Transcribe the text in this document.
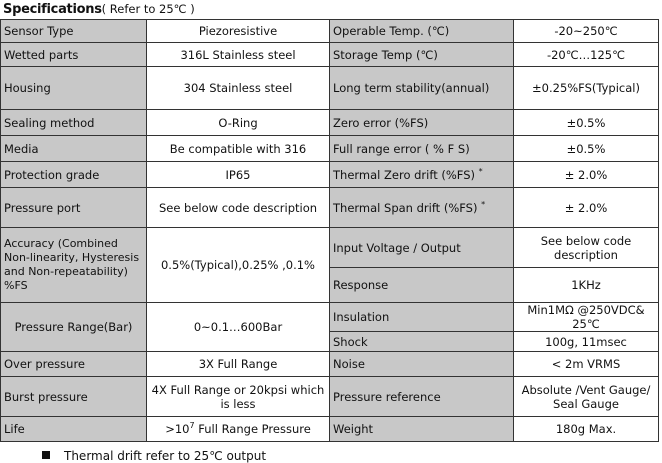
Specifications( Refer to 25℃ )
Sensor Type	Piezoresistive	Operable Temp. (℃)	-20~250℃
Wetted parts	316L Stainless steel	Storage Temp (℃)	-20℃…125℃
Housing	304 Stainless steel	Long term stability(annual)	±0.25%FS(Typical)
Sealing method	O-Ring	Zero error (%FS)	±0.5%
Media	Be compatible with 316	Full range error ( % F S)	±0.5%
Protection grade	IP65	Thermal Zero drift (%FS) *	± 2.0%
Pressure port	See below code description	Thermal Span drift (%FS) *	± 2.0%
Accuracy (Combined Non-linearity, Hysteresis and Non-repeatability) %FS	0.5%(Typical),0.25% ,0.1%	Input Voltage / Output	See below code description
		Response	1KHz
Pressure Range(Bar)	0~0.1…600Bar	Insulation	Min1MΩ @250VDC& 25℃
		Shock	100g, 11msec
Over pressure	3X Full Range	Noise	< 2m VRMS
Burst pressure	4X Full Range or 20kpsi which is less	Pressure reference	Absolute /Vent Gauge/ Seal Gauge
Life	$>10^7$ Full Range Pressure	Weight	180g Max.
Thermal drift refer to 25℃ output
